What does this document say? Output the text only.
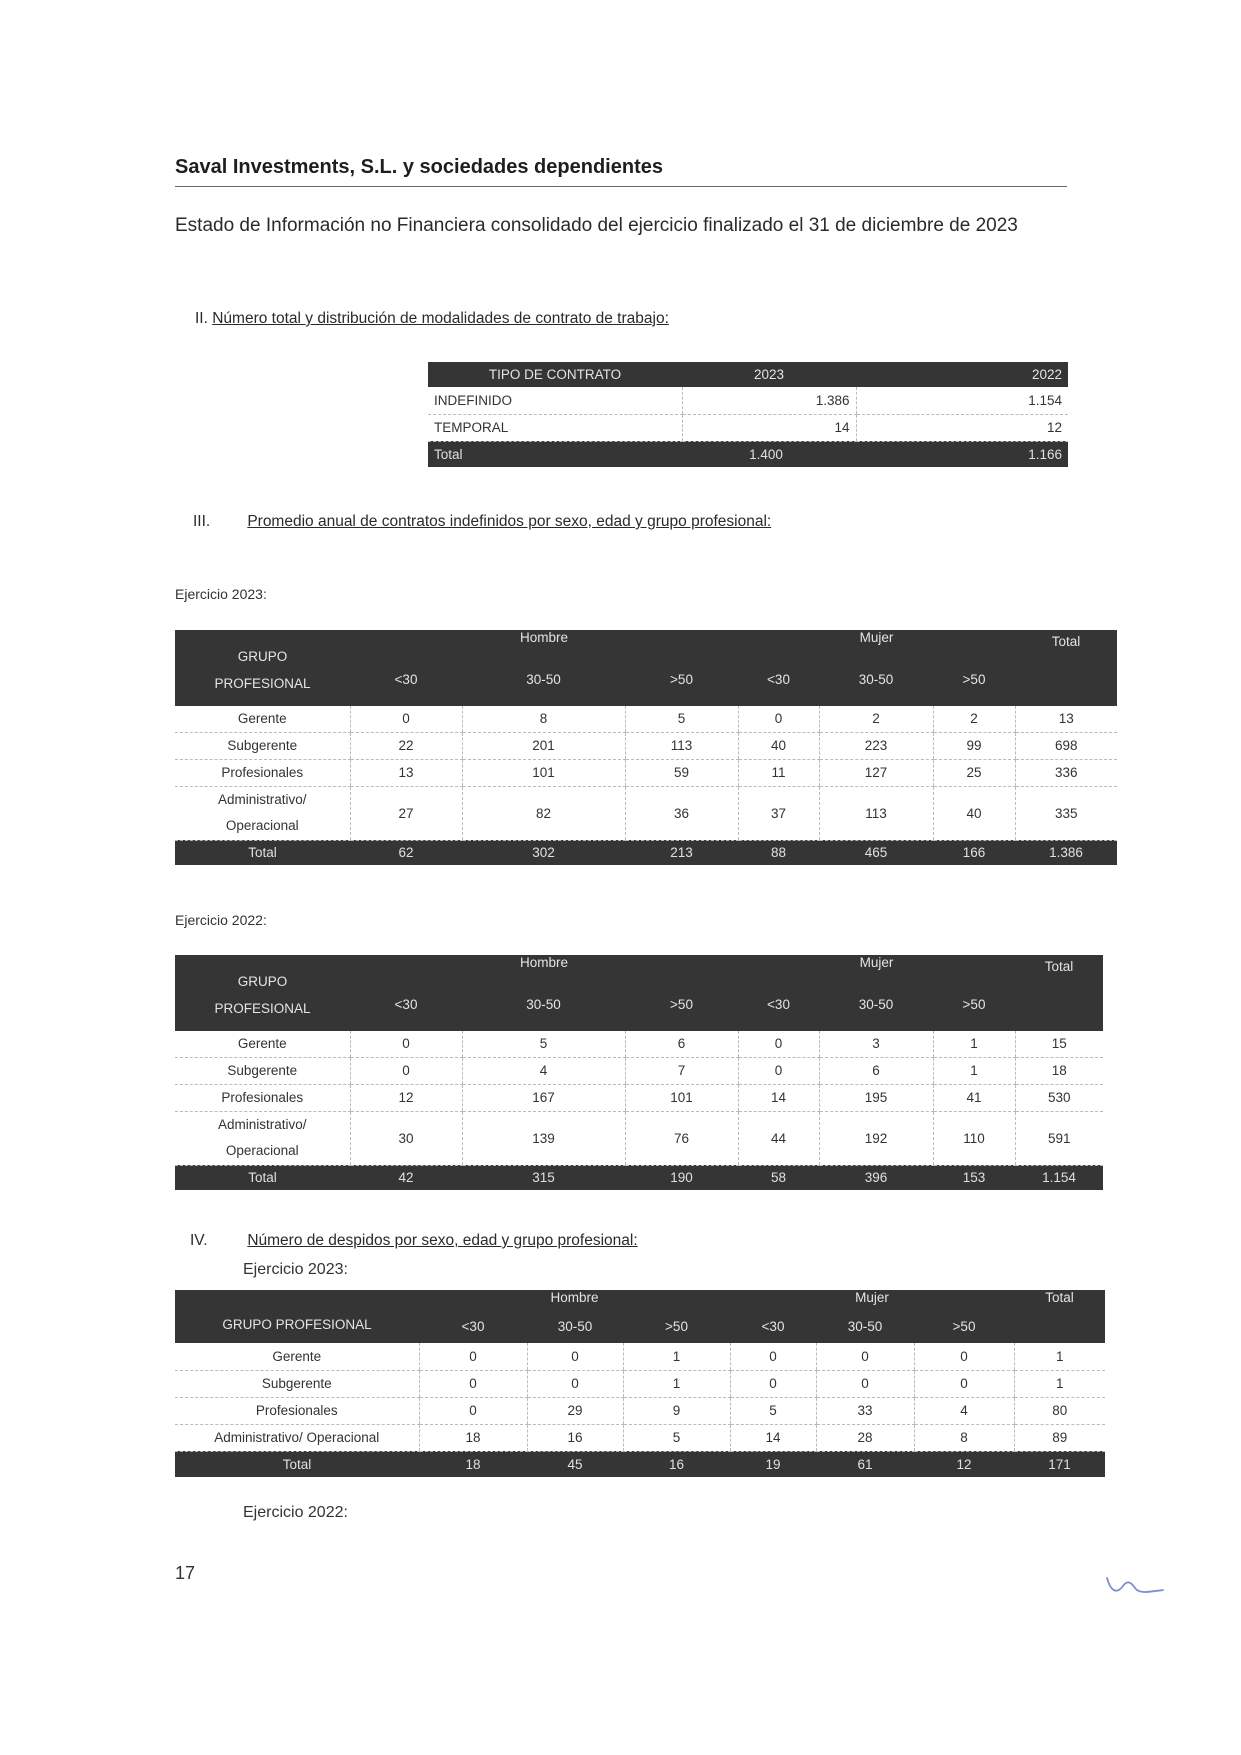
Saval Investments, S.L. y sociedades dependientes
Estado de Información no Financiera consolidado del ejercicio finalizado el 31 de diciembre de 2023
II. Número total y distribución de modalidades de contrato de trabajo:
TIPO DE CONTRATO	2023	2022
INDEFINIDO	1.386	1.154
TEMPORAL	14	12
Total	1.400	1.166
III. Promedio anual de contratos indefinidos por sexo, edad y grupo profesional:
Ejercicio 2023:
GRUPO
PROFESIONAL	Hombre			Mujer			Total
	<30	30-50	>50	<30	30-50	>50	
Gerente	0	8	5	0	2	2	13
Subgerente	22	201	113	40	223	99	698
Profesionales	13	101	59	11	127	25	336

Administrativo/
Operacional	27	82	36	37	113	40	335
Total	62	302	213	88	465	166	1.386
Ejercicio 2022:
GRUPO
PROFESIONAL	Hombre			Mujer			Total
	<30	30-50	>50	<30	30-50	>50	
Gerente	0	5	6	0	3	1	15
Subgerente	0	4	7	0	6	1	18
Profesionales	12	167	101	14	195	41	530

Administrativo/
Operacional	30	139	76	44	192	110	591
Total	42	315	190	58	396	153	1.154
IV.	Número de despidos por sexo, edad y grupo profesional:
Ejercicio 2023:
GRUPO PROFESIONAL	Hombre			Mujer			Total
	<30	30-50	>50	<30	30-50	>50	
Gerente	0	0	1	0	0	0	1
Subgerente	0	0	1	0	0	0	1
Profesionales	0	29	9	5	33	4	80
Administrativo/ Operacional	18	16	5	14	28	8	89
Total	18	45	16	19	61	12	171
Ejercicio 2022:
17
